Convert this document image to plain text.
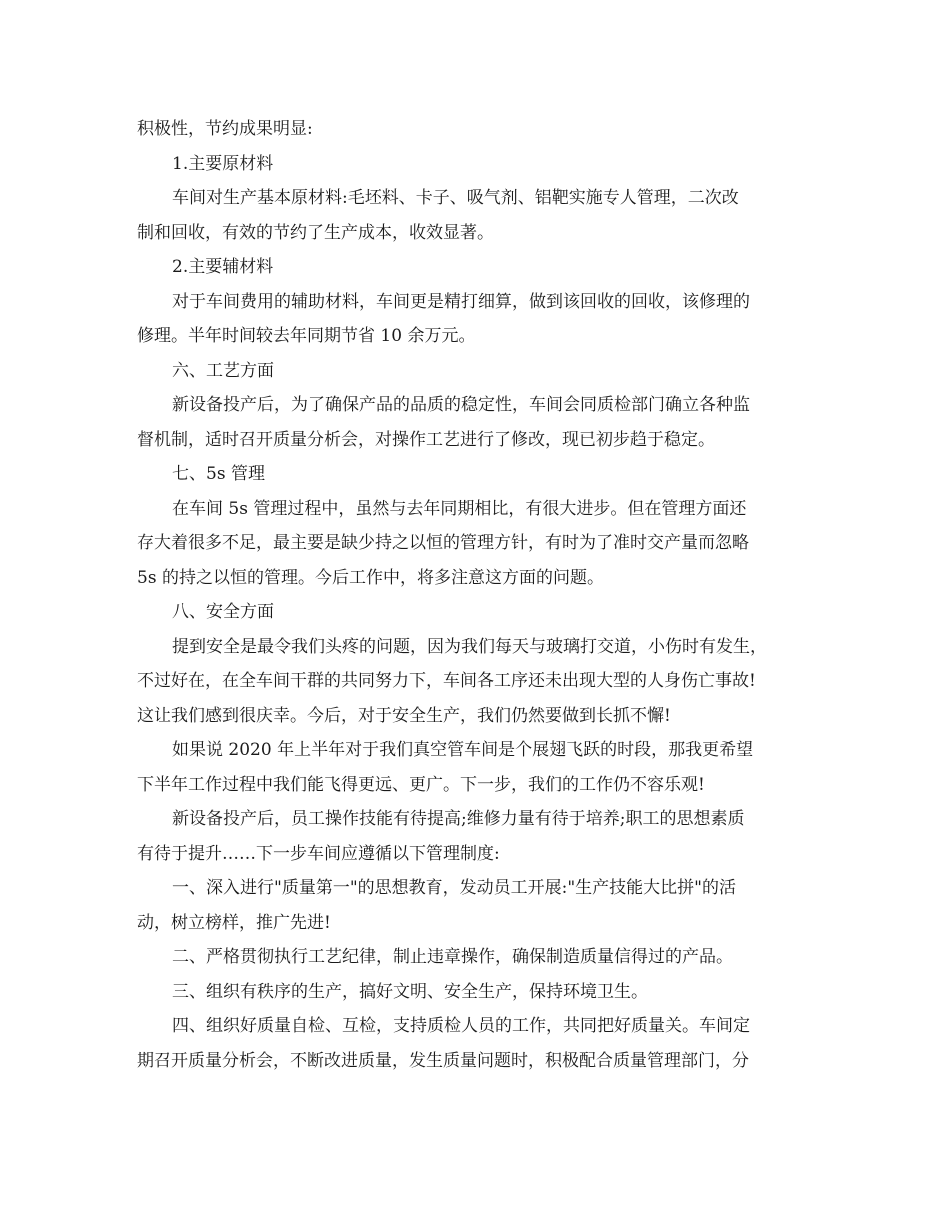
积极性，节约成果明显:
1.主要原材料
车间对生产基本原材料:毛坯料、卡子、吸气剂、铝靶实施专人管理，二次改
制和回收，有效的节约了生产成本，收效显著。
2.主要辅材料
对于车间费用的辅助材料，车间更是精打细算，做到该回收的回收，该修理的
修理。半年时间较去年同期节省 10 余万元。
六、工艺方面
新设备投产后，为了确保产品的品质的稳定性，车间会同质检部门确立各种监
督机制，适时召开质量分析会，对操作工艺进行了修改，现已初步趋于稳定。
七、5s 管理
在车间 5s 管理过程中，虽然与去年同期相比，有很大进步。但在管理方面还
存大着很多不足，最主要是缺少持之以恒的管理方针，有时为了准时交产量而忽略
5s 的持之以恒的管理。今后工作中，将多注意这方面的问题。
八、安全方面
提到安全是最令我们头疼的问题，因为我们每天与玻璃打交道，小伤时有发生，
不过好在，在全车间干群的共同努力下，车间各工序还未出现大型的人身伤亡事故!
这让我们感到很庆幸。今后，对于安全生产，我们仍然要做到长抓不懈!
如果说 2020 年上半年对于我们真空管车间是个展翅飞跃的时段，那我更希望
下半年工作过程中我们能飞得更远、更广。下一步，我们的工作仍不容乐观!
新设备投产后，员工操作技能有待提高;维修力量有待于培养;职工的思想素质
有待于提升……下一步车间应遵循以下管理制度:
一、深入进行"质量第一"的思想教育，发动员工开展:"生产技能大比拼"的活
动，树立榜样，推广先进!
二、严格贯彻执行工艺纪律，制止违章操作，确保制造质量信得过的产品。
三、组织有秩序的生产，搞好文明、安全生产，保持环境卫生。
四、组织好质量自检、互检，支持质检人员的工作，共同把好质量关。车间定
期召开质量分析会，不断改进质量，发生质量问题时，积极配合质量管理部门，分
